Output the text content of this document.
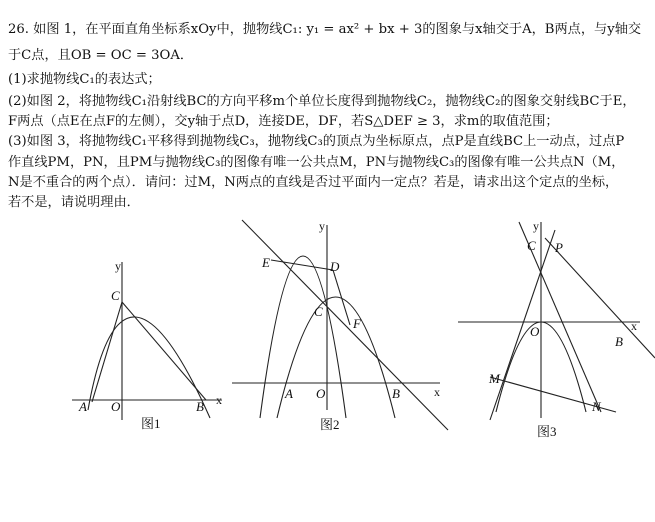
26. 如图 1，在平面直角坐标系xOy中，抛物线C₁: y₁ = ax² + bx + 3的图象与x轴交于A，B两点，与y轴交
于C点，且OB = OC = 3OA．
(1)求抛物线C₁的表达式；
(2)如图 2，将抛物线C₁沿射线BC的方向平移m个单位长度得到抛物线C₂，抛物线C₂的图象交射线BC于E，
F两点（点E在点F的左侧），交y轴于点D，连接DE，DF，若S△DEF ≥ 3，求m的取值范围；
(3)如图 3，将抛物线C₁平移得到抛物线C₃，抛物线C₃的顶点为坐标原点，点P是直线BC上一动点，过点P
作直线PM，PN，且PM与抛物线C₃的图像有唯一公共点M，PN与抛物线C₃的图像有唯一公共点N（M，
N是不重合的两个点）．请问：过M，N两点的直线是否过平面内一定点？若是，请求出这个定点的坐标，
若不是，请说明理由．
y
x
C
A O	B
图1
y
x
E	D
C
F
A O	B
图2
y
x
C P
O
B
M
N
图3
